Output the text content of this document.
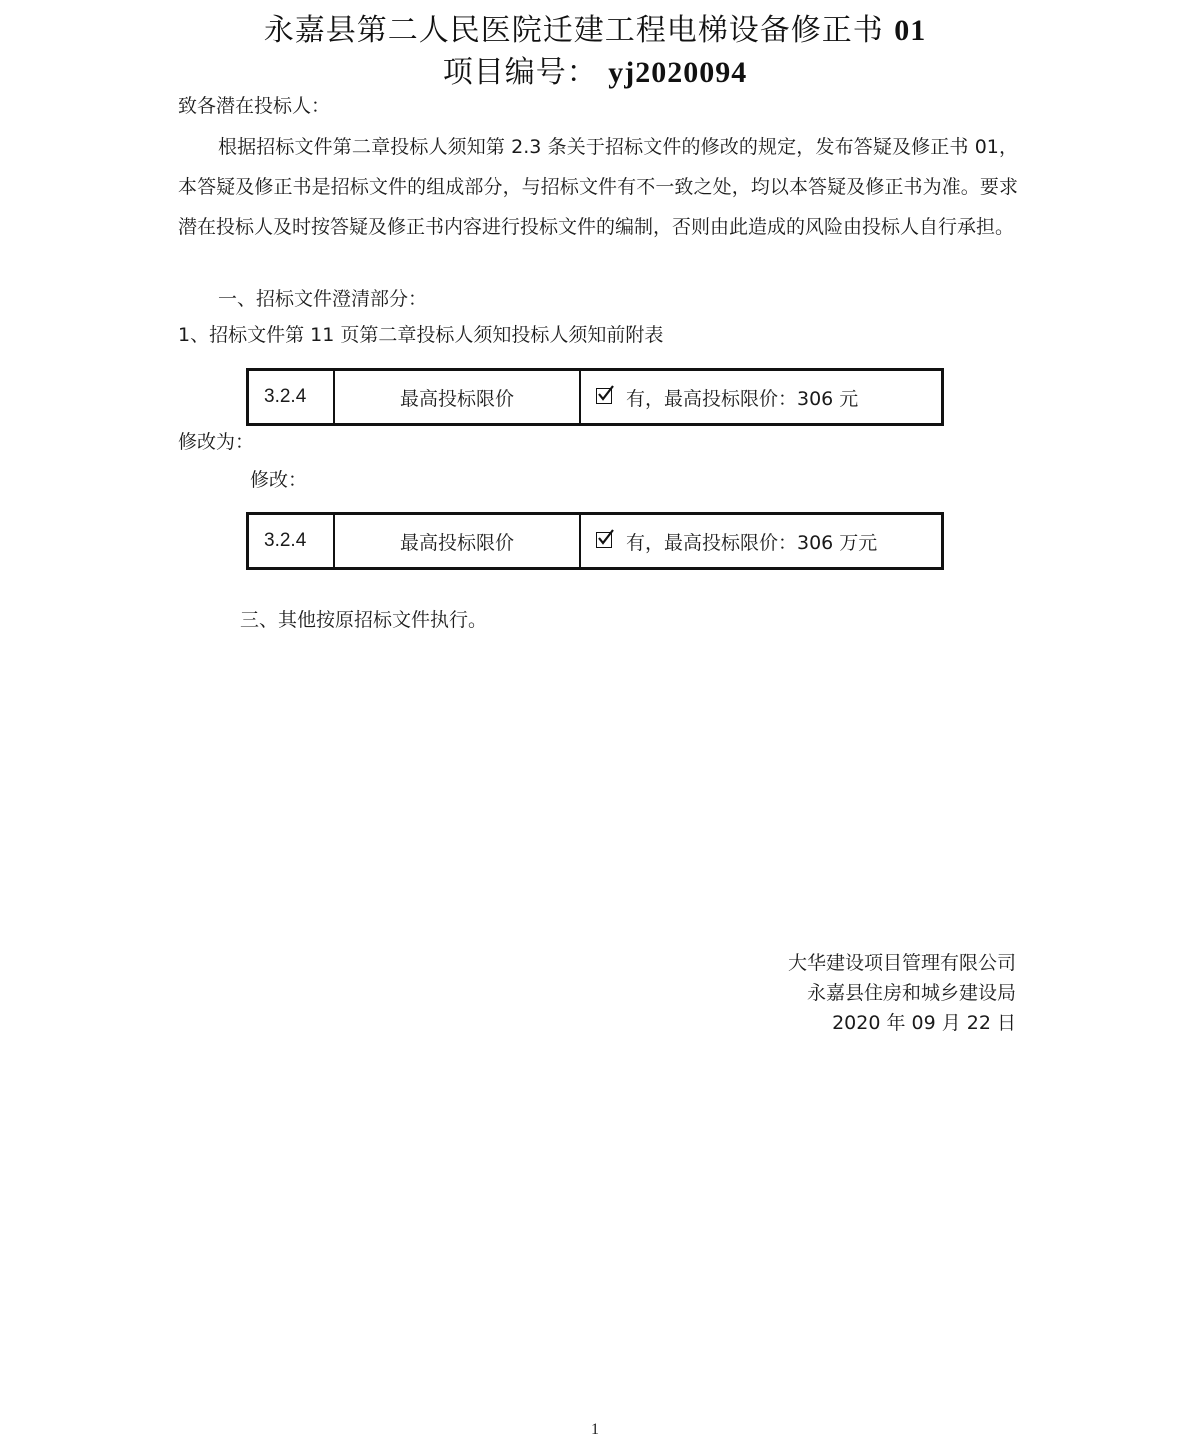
永嘉县第二人民医院迁建工程电梯设备修正书 01
项目编号： yj2020094
致各潜在投标人：
根据招标文件第二章投标人须知第 2.3 条关于招标文件的修改的规定，发布答疑及修正书 01，本答疑及修正书是招标文件的组成部分，与招标文件有不一致之处，均以本答疑及修正书为准。要求潜在投标人及时按答疑及修正书内容进行投标文件的编制，否则由此造成的风险由投标人自行承担。
一、招标文件澄清部分：
1、招标文件第 11 页第二章投标人须知投标人须知前附表
3.2.4	最高投标限价	有，最高投标限价：306 元
修改为：
修改：
3.2.4	最高投标限价	有，最高投标限价：306 万元
三、其他按原招标文件执行。
大华建设项目管理有限公司
永嘉县住房和城乡建设局
2020 年 09 月 22 日
1
